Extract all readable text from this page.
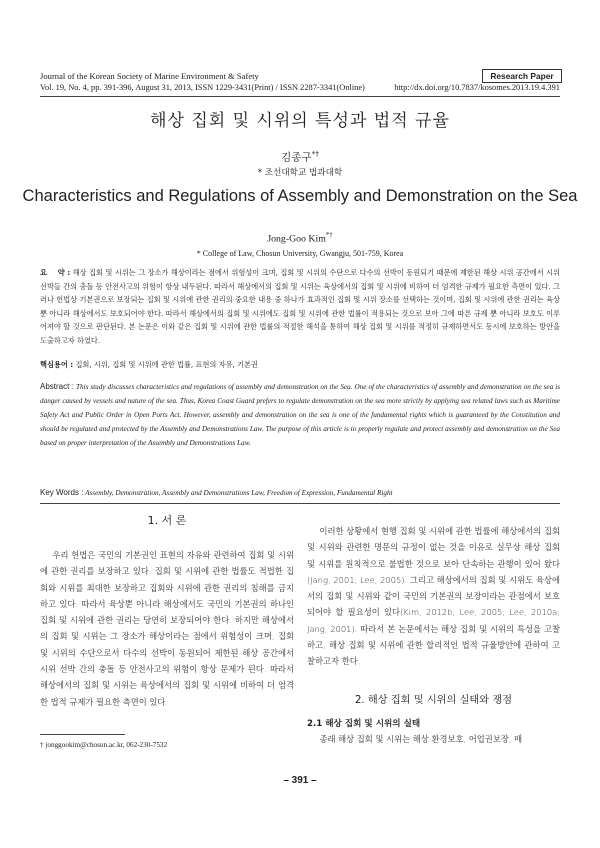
Journal of the Korean Society of Marine Environment & Safety	Research Paper
Vol. 19, No. 4, pp. 391-396, August 31, 2013, ISSN 1229-3431(Print) / ISSN 2287-3341(Online)	http://dx.doi.org/10.7837/kosomes.2013.19.4.391
해상 집회 및 시위의 특성과 법적 규율
김종구*†
* 조선대학교 법과대학
Characteristics and Regulations of Assembly and Demonstration on the Sea
Jong-Goo Kim*†
* College of Law, Chosun University, Gwangju, 501-759, Korea
요    약 : 해상 집회 및 시위는 그 장소가 해상이라는 점에서 위험성이 크며, 집회 및 시위의 수단으로 다수의 선박이 동원되기 때문에 제한된 해상 시위 공간에서 시위 선박들 간의 충돌 등 안전사고의 위험이 항상 내두된다. 따라서 해상에서의 집회 및 시위는 육상에서의 집회 및 시위에 비하여 더 엄격한 규제가 필요한 측면이 있다. 그러나 헌법상 기본권으로 보장되는 집회 및 시위에 관한 권리의 중요한 내용 중 하나가 효과적인 집회 및 시위 장소를 선택하는 것이며, 집회 및 시위에 관한 권리는 육상 뿐 아니라 해상에서도 보호되어야 한다. 따라서 해상에서의 집회 및 시위에도 집회 및 시위에 관한 법률이 적용되는 것으로 보아 그에 따른 규제 뿐 아니라 보호도 이루어져야 할 것으로 판단된다. 본 논문은 이와 같은 집회 및 시위에 관한 법률의 적절한 해석을 통하여 해상 집회 및 시위를 적정히 규제하면서도 동시에 보호하는 방안을 도출하고자 하였다.
핵심용어 : 집회, 시위, 집회 및 시위에 관한 법률, 표현의 자유, 기본권
Abstract : This study discusses characteristics and regulations of assembly and demonstration on the Sea. One of the characteristics of assembly and demonstration on the sea is danger caused by vessels and nature of the sea. Thus, Korea Coast Guard prefers to regulate demonstration on the sea more strictly by applying sea related laws such as Maritime Safety Act and Public Order in Open Ports Act. However, assembly and demonstration on the sea is one of the fundamental rights which is guaranteed by the Constitution and should be regulated and protected by the Assembly and Demonstrations Law. The purpose of this article is to properly regulate and protect assembly and demonstration on the Sea based on proper interpretation of the Assembly and Demonstrations Law.
Key Words : Assembly, Demonstration, Assembly and Demonstrations Law, Freedom of Expression, Fundamental Right
1. 서 론
우리 헌법은 국민의 기본권인 표현의 자유와 관련하여 집회 및 시위에 관한 권리를 보장하고 있다. 집회 및 시위에 관한 법률도 적법한 집회와 시위를 최대한 보장하고 집회와 시위에 관한 권리의 침해를 금지하고 있다. 따라서 육상뿐 아니라 해상에서도 국민의 기본권의 하나인 집회 및 시위에 관한 권리는 당연히 보장되어야 한다. 하지만 해상에서의 집회 및 시위는 그 장소가 해상이라는 점에서 위험성이 크며, 집회 및 시위의 수단으로서 다수의 선박이 동원되어 제한된 해상 공간에서 시위 선박 간의 충돌 등 안전사고의 위험이 항상 문제가 된다. 따라서 해상에서의 집회 및 시위는 육상에서의 집회 및 시위에 비하여 더 엄격한 법적 규제가 필요한 측면이 있다.
이러한 상황에서 현행 집회 및 시위에 관한 법률에 해상에서의 집회 및 시위와 관련한 명문의 규정이 없는 것을 이유로 실무상 해상 집회 및 시위를 원칙적으로 불법한 것으로 보아 단속하는 관행이 있어 왔다(Jang, 2001; Lee, 2005). 그리고 해상에서의 집회 및 시위도 육상에서의 집회 및 시위와 같이 국민의 기본권의 보장이라는 관점에서 보호되어야 할 필요성이 있다(Kim, 2012b; Lee, 2005; Lee, 2010a; Jang, 2001). 따라서 본 논문에서는 해상 집회 및 시위의 특성을 고찰하고, 해상 집회 및 시위에 관한 합리적인 법적 규율방안에 관하여 고찰하고자 한다.
2. 해상 집회 및 시위의 실태와 쟁점
2.1 해상 집회 및 시위의 실태
종래 해상 집회 및 시위는 해상 환경보호, 어업권보장, 매
† jonggookim@chosun.ac.kr, 062-230-7532
– 391 –
